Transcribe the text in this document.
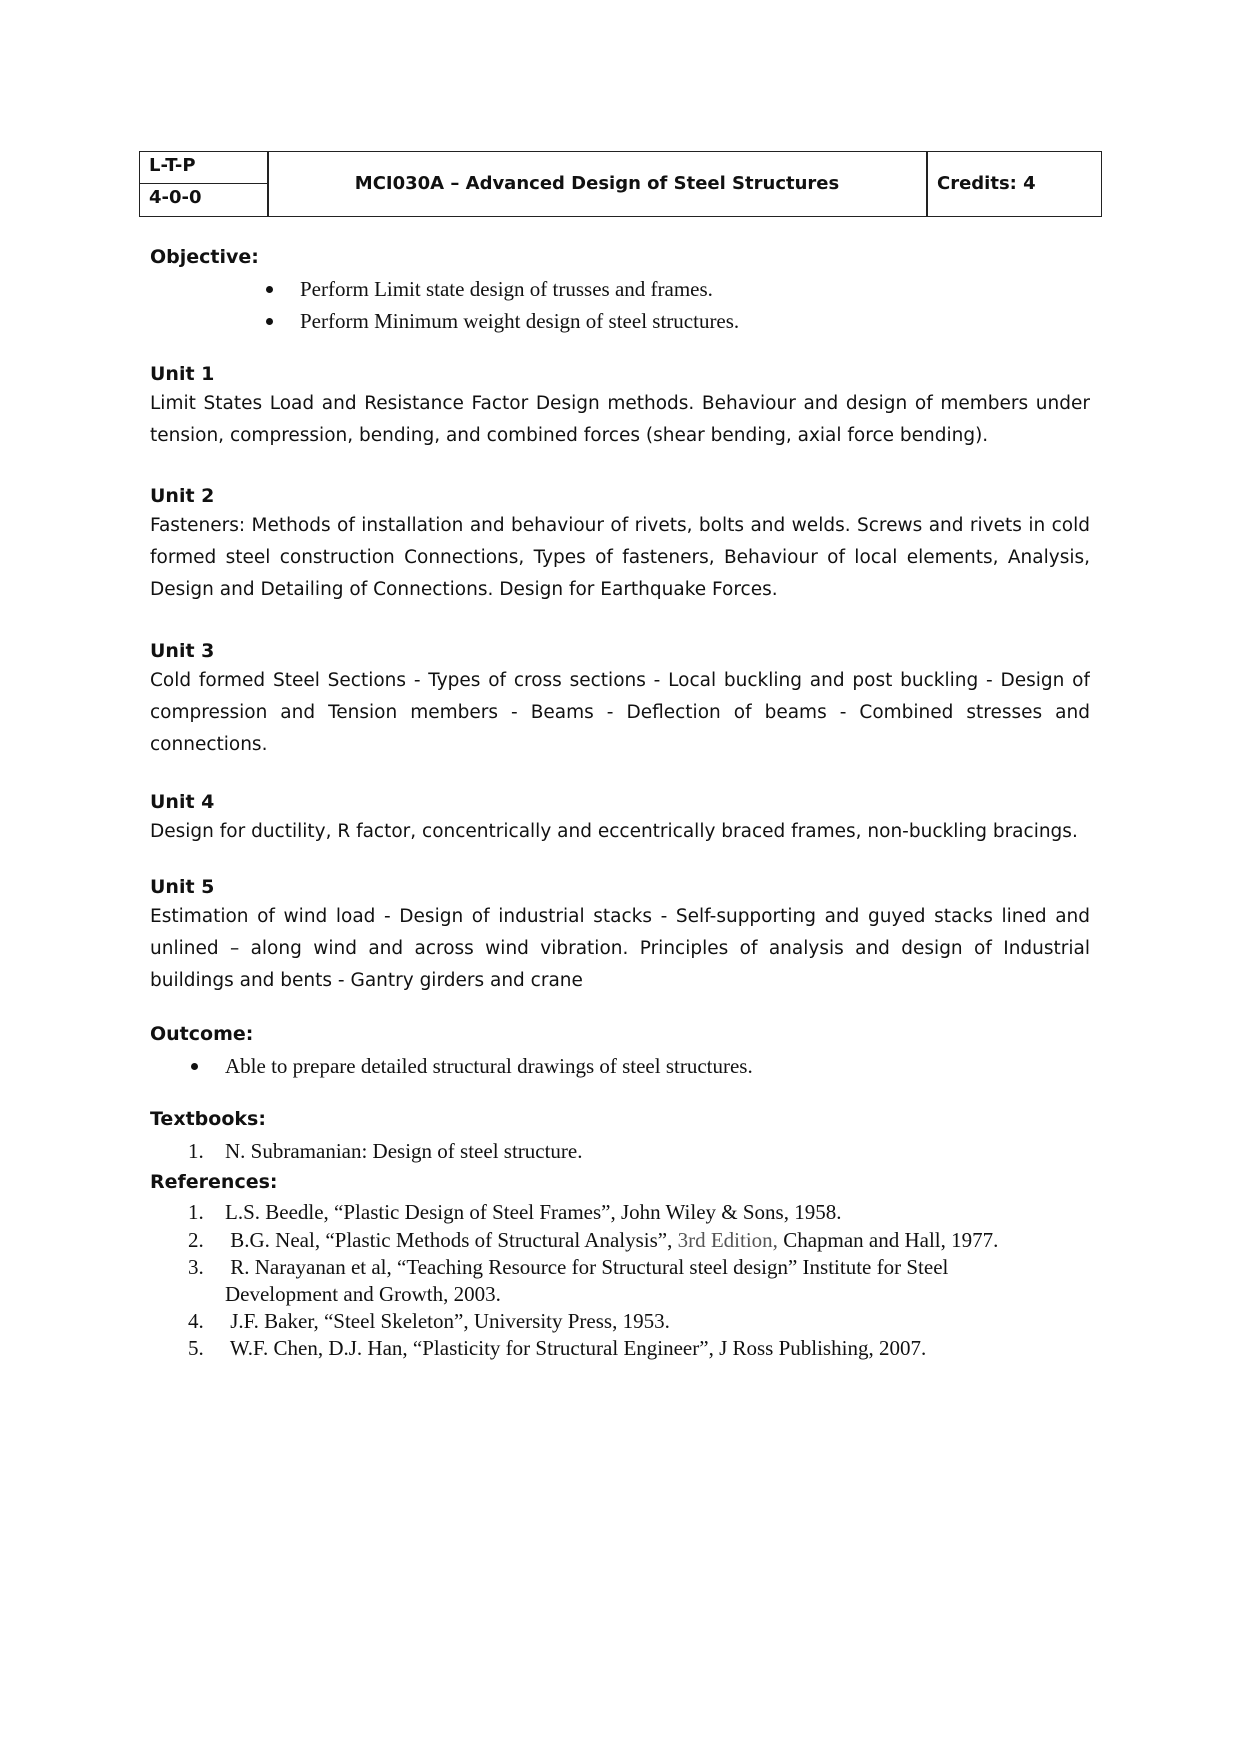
L-T-P
4-0-0
MCI030A – Advanced Design of Steel Structures	Credits: 4
Objective:
Perform Limit state design of trusses and frames.
Perform Minimum weight design of steel structures.
Unit 1
Limit States Load and Resistance Factor Design methods. Behaviour and design of members under
tension, compression, bending, and combined forces (shear bending, axial force bending).
Unit 2
Fasteners: Methods of installation and behaviour of rivets, bolts and welds. Screws and rivets in cold
formed steel construction Connections, Types of fasteners, Behaviour of local elements, Analysis,
Design and Detailing of Connections. Design for Earthquake Forces.
Unit 3
Cold formed Steel Sections - Types of cross sections - Local buckling and post buckling - Design of
compression and Tension members - Beams - Deflection of beams - Combined stresses and
connections.
Unit 4
Design for ductility, R factor, concentrically and eccentrically braced frames, non-buckling bracings.
Unit 5
Estimation of wind load - Design of industrial stacks - Self-supporting and guyed stacks lined and
unlined – along wind and across wind vibration. Principles of analysis and design of Industrial
buildings and bents - Gantry girders and crane
Outcome:
Able to prepare detailed structural drawings of steel structures.
Textbooks:
1. N. Subramanian: Design of steel structure.
References:
1. L.S. Beedle, “Plastic Design of Steel Frames”, John Wiley & Sons, 1958.
2. B.G. Neal, “Plastic Methods of Structural Analysis”, 3rd Edition, Chapman and Hall, 1977.
3. R. Narayanan et al, “Teaching Resource for Structural steel design” Institute for Steel
Development and Growth, 2003.
4. J.F. Baker, “Steel Skeleton”, University Press, 1953.
5. W.F. Chen, D.J. Han, “Plasticity for Structural Engineer”, J Ross Publishing, 2007.
